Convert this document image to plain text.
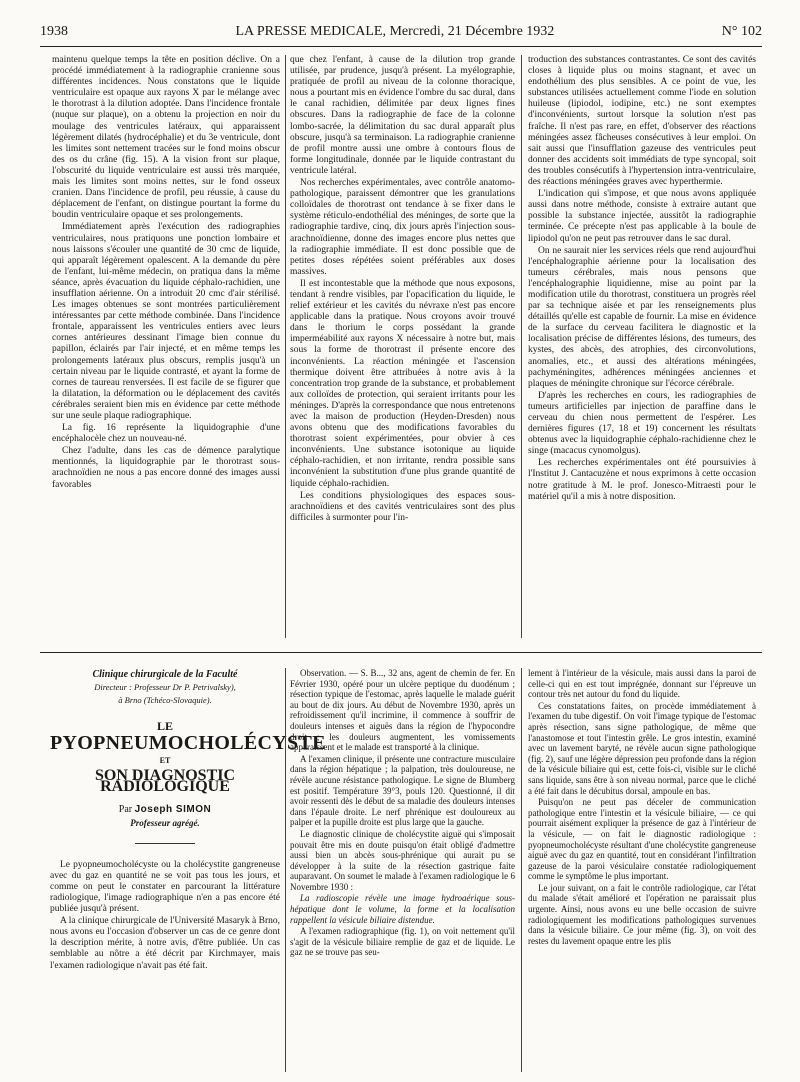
1938	LA PRESSE MEDICALE, Mercredi, 21 Décembre 1932	N° 102

maintenu quelque temps la tête en position déclive. On a procédé immédiatement à la radiographie cranienne sous différentes incidences. Nous constatons que le liquide ventriculaire est opaque aux rayons X par le mélange avec le thorotrast à la dilution adoptée. Dans l'incidence frontale (nuque sur plaque), on a obtenu la projection en noir du moulage des ventricules latéraux, qui apparaissent légèrement dilatés (hydrocéphalie) et du 3e ventricule, dont les limites sont nettement tracées sur le fond moins obscur des os du crâne (fig. 15). A la vision front sur plaque, l'obscurité du liquide ventriculaire est aussi très marquée, mais les limites sont moins nettes, sur le fond osseux cranien. Dans l'incidence de profil, peu réussie, à cause du déplacement de l'enfant, on distingue pourtant la forme du boudin ventriculaire opaque et ses prolongements.

Immédiatement après l'exécution des radiographies ventriculaires, nous pratiquons une ponction lombaire et nous laissons s'écouler une quantité de 30 cmc de liquide, qui apparaît légèrement opalescent. A la demande du père de l'enfant, lui-même médecin, on pratiqua dans la même séance, après évacuation du liquide céphalo-rachidien, une insufflation aérienne. On a introduit 20 cmc d'air stérilisé. Les images obtenues se sont montrées particulièrement intéressantes par cette méthode combinée. Dans l'incidence frontale, apparaissent les ventricules entiers avec leurs cornes antérieures dessinant l'image bien connue du papillon, éclairés par l'air injecté, et en même temps les prolongements latéraux plus obscurs, remplis jusqu'à un certain niveau par le liquide contrasté, et ayant la forme de cornes de taureau renversées. Il est facile de se figurer que la dilatation, la déformation ou le déplacement des cavités cérébrales seraient bien mis en évidence par cette méthode sur une seule plaque radiographique.

La fig. 16 représente la liquidographie d'une encéphalocèle chez un nouveau-né.

Chez l'adulte, dans les cas de démence paralytique mentionnés, la liquidographie par le thorotrast sous-arachnoïdien ne nous a pas encore donné des images aussi favorables

que chez l'enfant, à cause de la dilution trop grande utilisée, par prudence, jusqu'à présent. La myélographie, pratiquée de profil au niveau de la colonne thoracique, nous a pourtant mis en évidence l'ombre du sac dural, dans le canal rachidien, délimitée par deux lignes fines obscures. Dans la radiographie de face de la colonne lombo-sacrée, la délimitation du sac dural apparaît plus obscure, jusqu'à sa terminaison. La radiographie cranienne de profil montre aussi une ombre à contours flous de forme longitudinale, donnée par le liquide contrastant du ventricule latéral.

Nos recherches expérimentales, avec contrôle anatomo-pathologique, paraissent démontrer que les granulations colloïdales de thorotrast ont tendance à se fixer dans le système réticulo-endothélial des méninges, de sorte que la radiographie tardive, cinq, dix jours après l'injection sous-arachnoïdienne, donne des images encore plus nettes que la radiographie immédiate. Il est donc possible que de petites doses répétées soient préférables aux doses massives.

Il est incontestable que la méthode que nous exposons, tendant à rendre visibles, par l'opacification du liquide, le relief extérieur et les cavités du névraxe n'est pas encore applicable dans la pratique. Nous croyons avoir trouvé dans le thorium le corps possédant la grande imperméabilité aux rayons X nécessaire à notre but, mais sous la forme de thorotrast il présente encore des inconvénients. La réaction méningée et l'ascension thermique doivent être attribuées à notre avis à la concentration trop grande de la substance, et probablement aux colloïdes de protection, qui seraient irritants pour les méninges. D'après la correspondance que nous entretenons avec la maison de production (Heyden-Dresden) nous avons obtenu que des modifications favorables du thorotrast soient expérimentées, pour obvier à ces inconvénients. Une substance isotonique au liquide céphalo-rachidien, et non irritante, rendra possible sans inconvénient la substitution d'une plus grande quantité de liquide céphalo-rachidien.

Les conditions physiologiques des espaces sous-arachnoïdiens et des cavités ventriculaires sont des plus difficiles à surmonter pour l'in-

troduction des substances contrastantes. Ce sont des cavités closes à liquide plus ou moins stagnant, et avec un endothélium des plus sensibles. A ce point de vue, les substances utilisées actuellement comme l'iode en solution huileuse (lipiodol, iodipine, etc.) ne sont exemptes d'inconvénients, surtout lorsque la solution n'est pas fraîche. Il n'est pas rare, en effet, d'observer des réactions méningées assez fâcheuses consécutives à leur emploi. On sait aussi que l'insufflation gazeuse des ventricules peut donner des accidents soit immédiats de type syncopal, soit des troubles consécutifs à l'hypertension intra-ventriculaire, des réactions méningées graves avec hyperthermie.

L'indication qui s'impose, et que nous avons appliquée aussi dans notre méthode, consiste à extraire autant que possible la substance injectée, aussitôt la radiographie terminée. Ce précepte n'est pas applicable à la boule de lipiodol qu'on ne peut pas retrouver dans le sac dural.

On ne saurait nier les services réels que rend aujourd'hui l'encéphalographie aérienne pour la localisation des tumeurs cérébrales, mais nous pensons que l'encéphalographie liquidienne, mise au point par la modification utile du thorotrast, constituera un progrès réel par sa technique aisée et par les renseignements plus détaillés qu'elle est capable de fournir. La mise en évidence de la surface du cerveau facilitera le diagnostic et la localisation précise de différentes lésions, des tumeurs, des kystes, des abcès, des atrophies, des circonvolutions, anomalies, etc., et aussi des altérations méningées, pachyméningites, adhérences méningées anciennes et plaques de méningite chronique sur l'écorce cérébrale.

D'après les recherches en cours, les radiographies de tumeurs artificielles par injection de paraffine dans le cerveau du chien nous permettent de l'espérer. Les dernières figures (17, 18 et 19) concernent les résultats obtenus avec la liquidographie céphalo-rachidienne chez le singe (macacus cynomolgus).

Les recherches expérimentales ont été poursuivies à l'Institut J. Cantacuzène et nous exprimons à cette occasion notre gratitude à M. le prof. Jonesco-Mitraesti pour le matériel qu'il a mis à notre disposition.

Clinique chirurgicale de la Faculté
Directeur : Professeur Dr P. Petrivalsky),
à Brno (Tchéco-Slovaquie).
LE
PYOPNEUMOCHOLÉCYSTE
ET
SON DIAGNOSTIC RADIOLOGIQUE
Par Joseph SIMON
Professeur agrégé.

Le pyopneumocholécyste ou la cholécystite gangreneuse avec du gaz en quantité ne se voit pas tous les jours, et comme on peut le constater en parcourant la littérature radiologique, l'image radiographique n'en a pas encore été publiée jusqu'à présent.

A la clinique chirurgicale de l'Université Masaryk à Brno, nous avons eu l'occasion d'observer un cas de ce genre dont la description mérite, à notre avis, d'être publiée. Un cas semblable au nôtre a été décrit par Kirchmayer, mais l'examen radiologique n'avait pas été fait.

Observation. — S. B..., 32 ans, agent de chemin de fer. En Février 1930, opéré pour un ulcère peptique du duodénum ; résection typique de l'estomac, après laquelle le malade guérit au bout de dix jours. Au début de Novembre 1930, après un refroidissement qu'il incrimine, il commence à souffrir de douleurs intenses et aiguës dans la région de l'hypocondre droit ; les douleurs augmentent, les vomissements apparaissent et le malade est transporté à la clinique.

A l'examen clinique, il présente une contracture musculaire dans la région hépatique ; la palpation, très douloureuse, ne révèle aucune résistance pathologique. Le signe de Blumberg est positif. Température 39°3, pouls 120. Questionné, il dit avoir ressenti dès le début de sa maladie des douleurs intenses dans l'épaule droite. Le nerf phrénique est douloureux au palper et la pupille droite est plus large que la gauche.

Le diagnostic clinique de cholécystite aiguë qui s'imposait pouvait être mis en doute puisqu'on était obligé d'admettre aussi bien un abcès sous-phrénique qui aurait pu se développer à la suite de la résection gastrique faite auparavant. On soumet le malade à l'examen radiologique le 6 Novembre 1930 :

La radioscopie révèle une image hydroaérique sous-hépatique dont le volume, la forme et la localisation rappellent la vésicule biliaire distendue.

A l'examen radiographique (fig. 1), on voit nettement qu'il s'agit de la vésicule biliaire remplie de gaz et de liquide. Le gaz ne se trouve pas seu-

lement à l'intérieur de la vésicule, mais aussi dans la paroi de celle-ci qui en est tout imprégnée, donnant sur l'épreuve un contour très net autour du fond du liquide.

Ces constatations faites, on procède immédiatement à l'examen du tube digestif. On voit l'image typique de l'estomac après résection, sans signe pathologique, de même que l'anastomose et tout l'intestin grêle. Le gros intestin, examiné avec un lavement baryté, ne révèle aucun signe pathologique (fig. 2), sauf une légère dépression peu profonde dans la région de la vésicule biliaire qui est, cette fois-ci, visible sur le cliché sans liquide, sans être à son niveau normal, parce que le cliché a été fait dans le décubitus dorsal, ampoule en bas.

Puisqu'on ne peut pas déceler de communication pathologique entre l'intestin et la vésicule biliaire, — ce qui pourrait aisément expliquer la présence de gaz à l'intérieur de la vésicule, — on fait le diagnostic radiologique : pyopneumocholécyste résultant d'une cholécystite gangreneuse aiguë avec du gaz en quantité, tout en considérant l'infiltration gazeuse de la paroi vésiculaire constatée radiologiquement comme le symptôme le plus important.

Le jour suivant, on a fait le contrôle radiologique, car l'état du malade s'était amélioré et l'opération ne paraissait plus urgente. Ainsi, nous avons eu une belle occasion de suivre radiologiquement les modifications pathologiques survenues dans la vésicule biliaire. Ce jour même (fig. 3), on voit des restes du lavement opaque entre les plis
